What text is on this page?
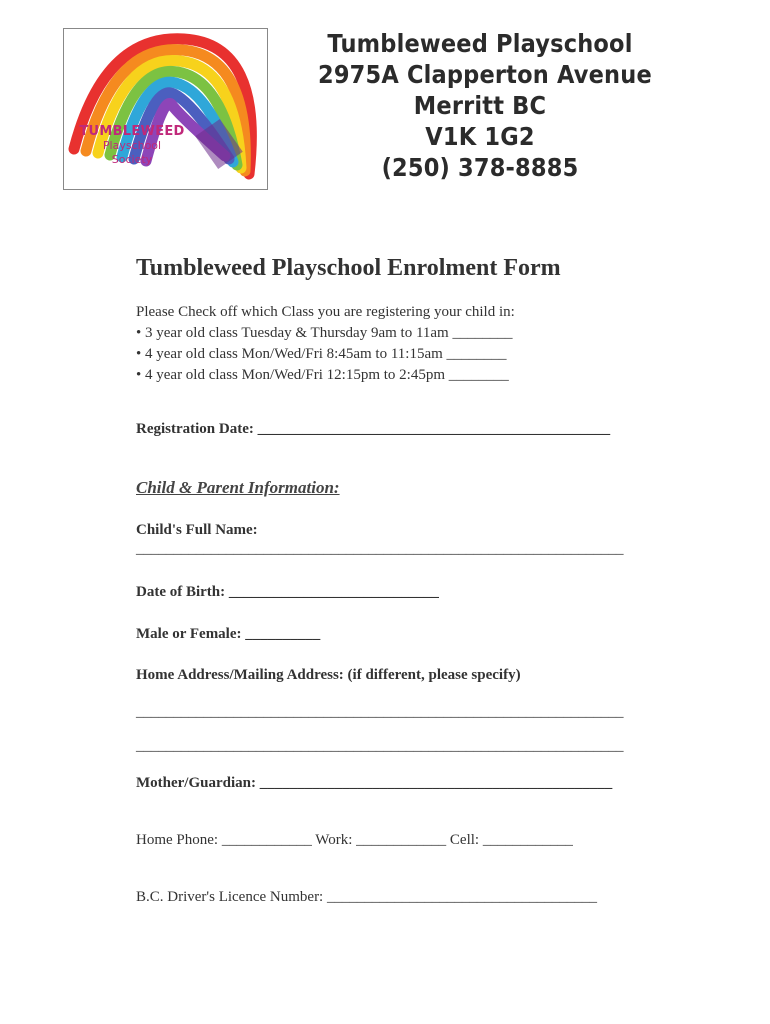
TUMBLEWEED
Playschool
Society
Tumbleweed Playschool
2975A Clapperton Avenue
Merritt BC
V1K 1G2
(250) 378-8885
Tumbleweed Playschool Enrolment Form
Please Check off which Class you are registering your child in:
• 3 year old class Tuesday & Thursday 9am to 11am ________
• 4 year old class Mon/Wed/Fri 8:45am to 11:15am ________
• 4 year old class Mon/Wed/Fri 12:15pm to 2:45pm ________
Registration Date: _______________________________________________
Child & Parent Information:
Child's Full Name:
_________________________________________________________________
Date of Birth: ____________________________
Male or Female: __________
Home Address/Mailing Address: (if different, please specify)
_________________________________________________________________
_________________________________________________________________
Mother/Guardian: _______________________________________________
Home Phone: ____________ Work: ____________ Cell: ____________
B.C. Driver's Licence Number: ____________________________________
